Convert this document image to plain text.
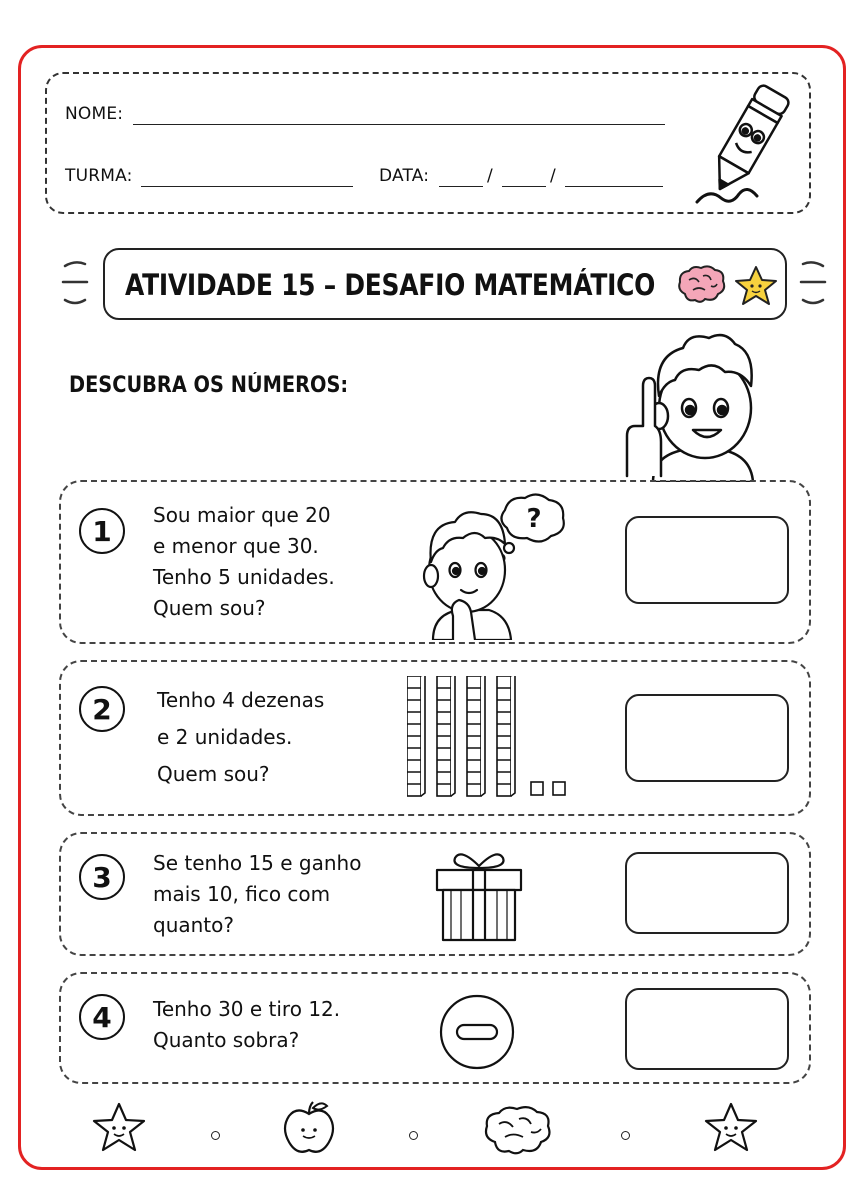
NOME:
TURMA:	DATA:	/	/
ATIVIDADE 15 – DESAFIO MATEMÁTICO
DESCUBRA OS NÚMEROS:
1	Sou maior que 20
e menor que 30.
Tenho 5 unidades.
Quem sou?
?
2	Tenho 4 dezenas
e 2 unidades.
Quem sou?
3	Se tenho 15 e ganho
mais 10, fico com
quanto?
4	Tenho 30 e tiro 12.
Quanto sobra?
